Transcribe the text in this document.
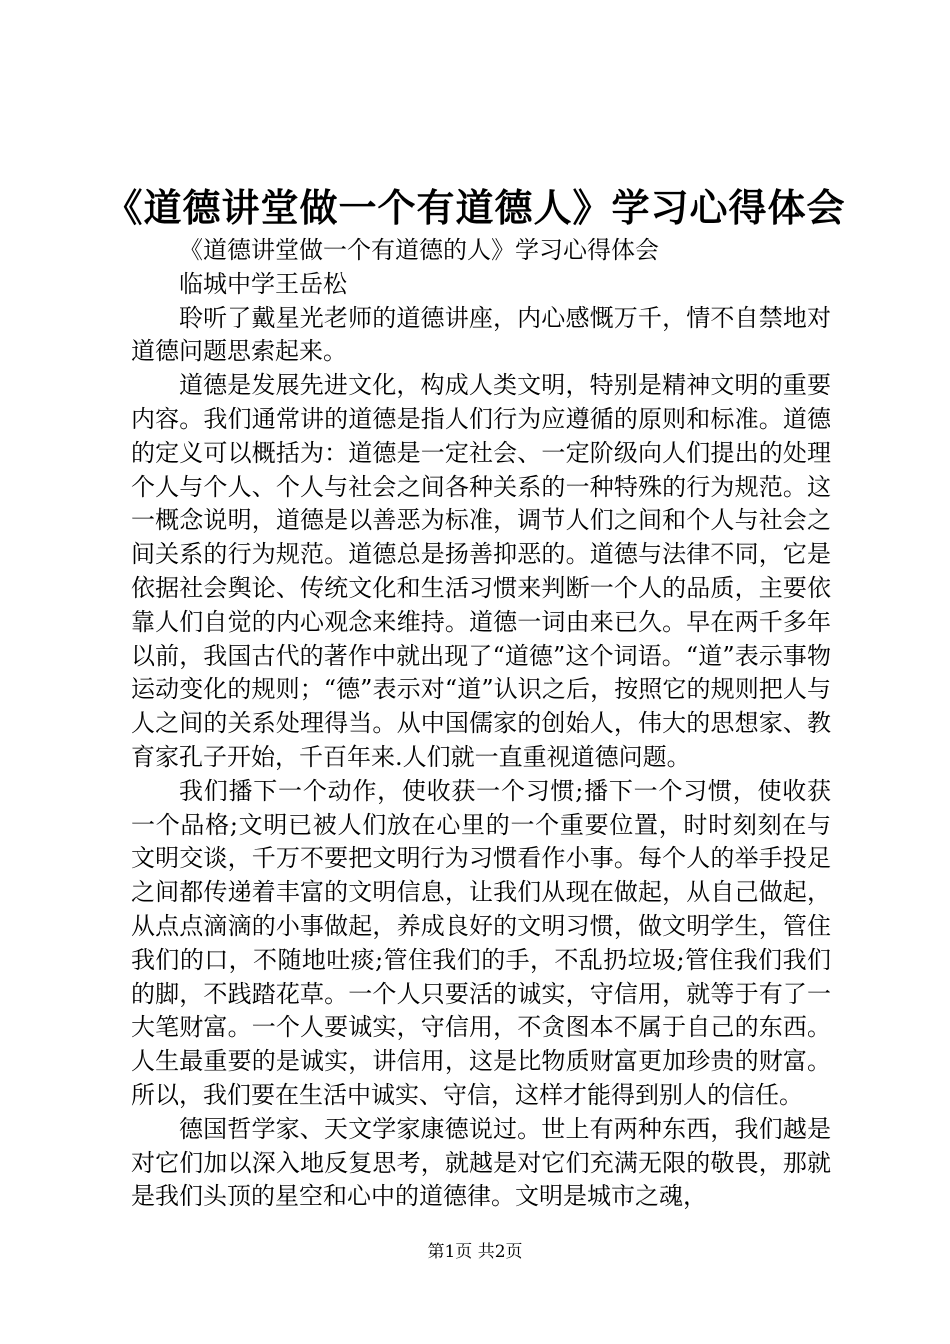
《道德讲堂做一个有道德人》学习心得体会

《道德讲堂做一个有道德的人》学习心得体会

临城中学王岳松

聆听了戴星光老师的道德讲座，内心感慨万千，情不自禁地对道德问题思索起来。

道德是发展先进文化，构成人类文明，特别是精神文明的重要内容。我们通常讲的道德是指人们行为应遵循的原则和标准。道德的定义可以概括为：道德是一定社会、一定阶级向人们提出的处理个人与个人、个人与社会之间各种关系的一种特殊的行为规范。这一概念说明，道德是以善恶为标准，调节人们之间和个人与社会之间关系的行为规范。道德总是扬善抑恶的。道德与法律不同，它是依据社会舆论、传统文化和生活习惯来判断一个人的品质，主要依靠人们自觉的内心观念来维持。道德一词由来已久。早在两千多年以前，我国古代的著作中就出现了“道德”这个词语。“道”表示事物运动变化的规则；“德”表示对“道”认识之后，按照它的规则把人与人之间的关系处理得当。从中国儒家的创始人，伟大的思想家、教育家孔子开始，千百年来.人们就一直重视道德问题。

我们播下一个动作，使收获一个习惯;播下一个习惯，使收获一个品格;文明已被人们放在心里的一个重要位置，时时刻刻在与文明交谈，千万不要把文明行为习惯看作小事。每个人的举手投足之间都传递着丰富的文明信息，让我们从现在做起，从自己做起，从点点滴滴的小事做起，养成良好的文明习惯，做文明学生，管住我们的口，不随地吐痰;管住我们的手，不乱扔垃圾;管住我们我们的脚，不践踏花草。一个人只要活的诚实，守信用，就等于有了一大笔财富。一个人要诚实，守信用，不贪图本不属于自己的东西。人生最重要的是诚实，讲信用，这是比物质财富更加珍贵的财富。所以，我们要在生活中诚实、守信，这样才能得到别人的信任。

德国哲学家、天文学家康德说过。世上有两种东西，我们越是对它们加以深入地反复思考，就越是对它们充满无限的敬畏，那就是我们头顶的星空和心中的道德律。文明是城市之魂，

第1页 共2页
